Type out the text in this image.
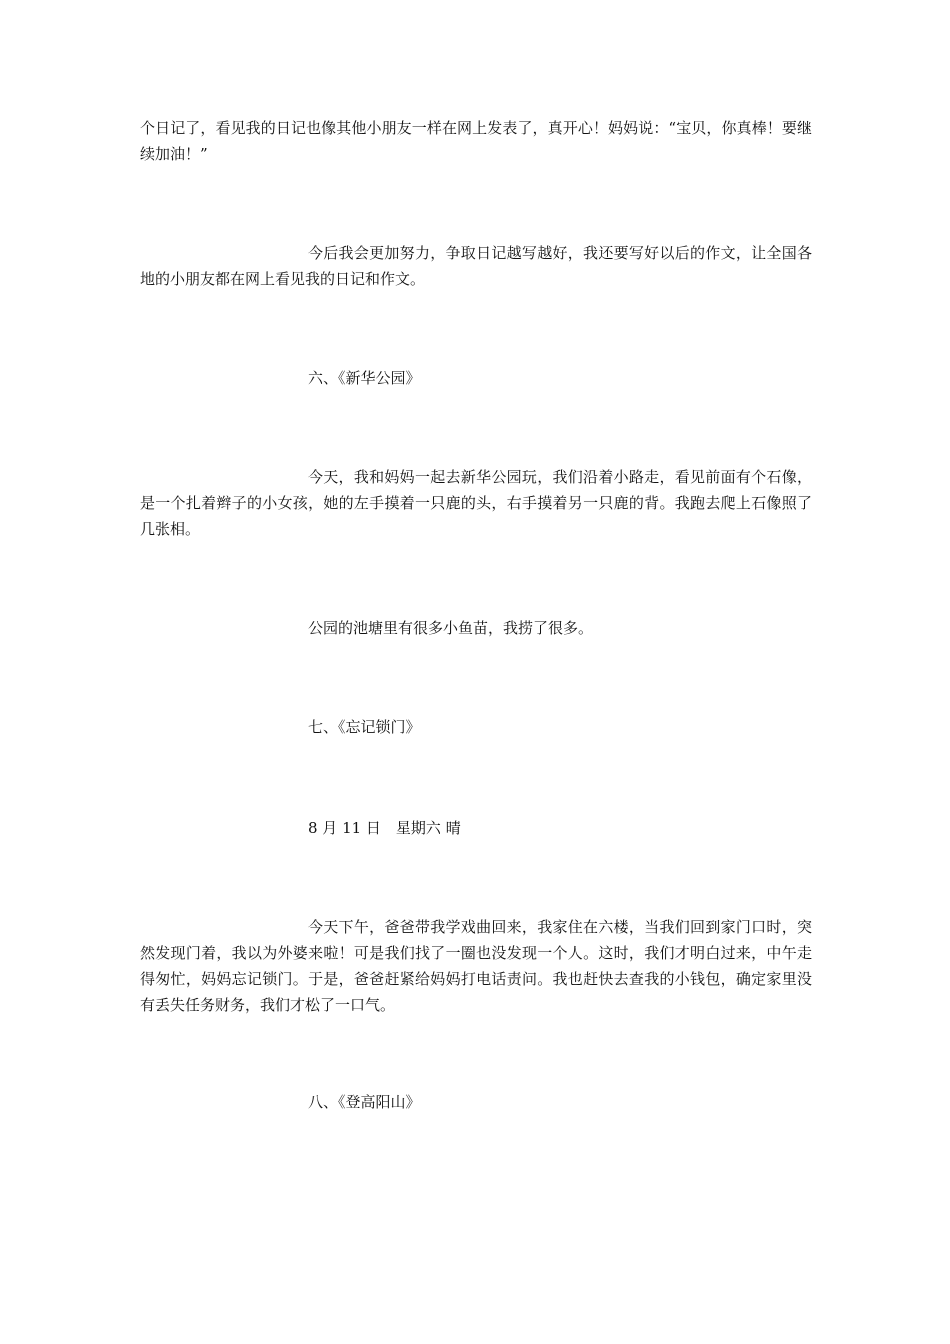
个日记了，看见我的日记也像其他小朋友一样在网上发表了，真开心！妈妈说：“宝贝，你真棒！要继续加油！”

今后我会更加努力，争取日记越写越好，我还要写好以后的作文，让全国各地的小朋友都在网上看见我的日记和作文。

六、《新华公园》

今天，我和妈妈一起去新华公园玩，我们沿着小路走，看见前面有个石像，是一个扎着辫子的小女孩，她的左手摸着一只鹿的头，右手摸着另一只鹿的背。我跑去爬上石像照了几张相。

公园的池塘里有很多小鱼苗，我捞了很多。

七、《忘记锁门》

8 月 11 日　星期六 晴

今天下午，爸爸带我学戏曲回来，我家住在六楼，当我们回到家门口时，突然发现门着，我以为外婆来啦！可是我们找了一圈也没发现一个人。这时，我们才明白过来，中午走得匆忙，妈妈忘记锁门。于是，爸爸赶紧给妈妈打电话责问。我也赶快去查我的小钱包，确定家里没有丢失任务财务，我们才松了一口气。

八、《登高阳山》
